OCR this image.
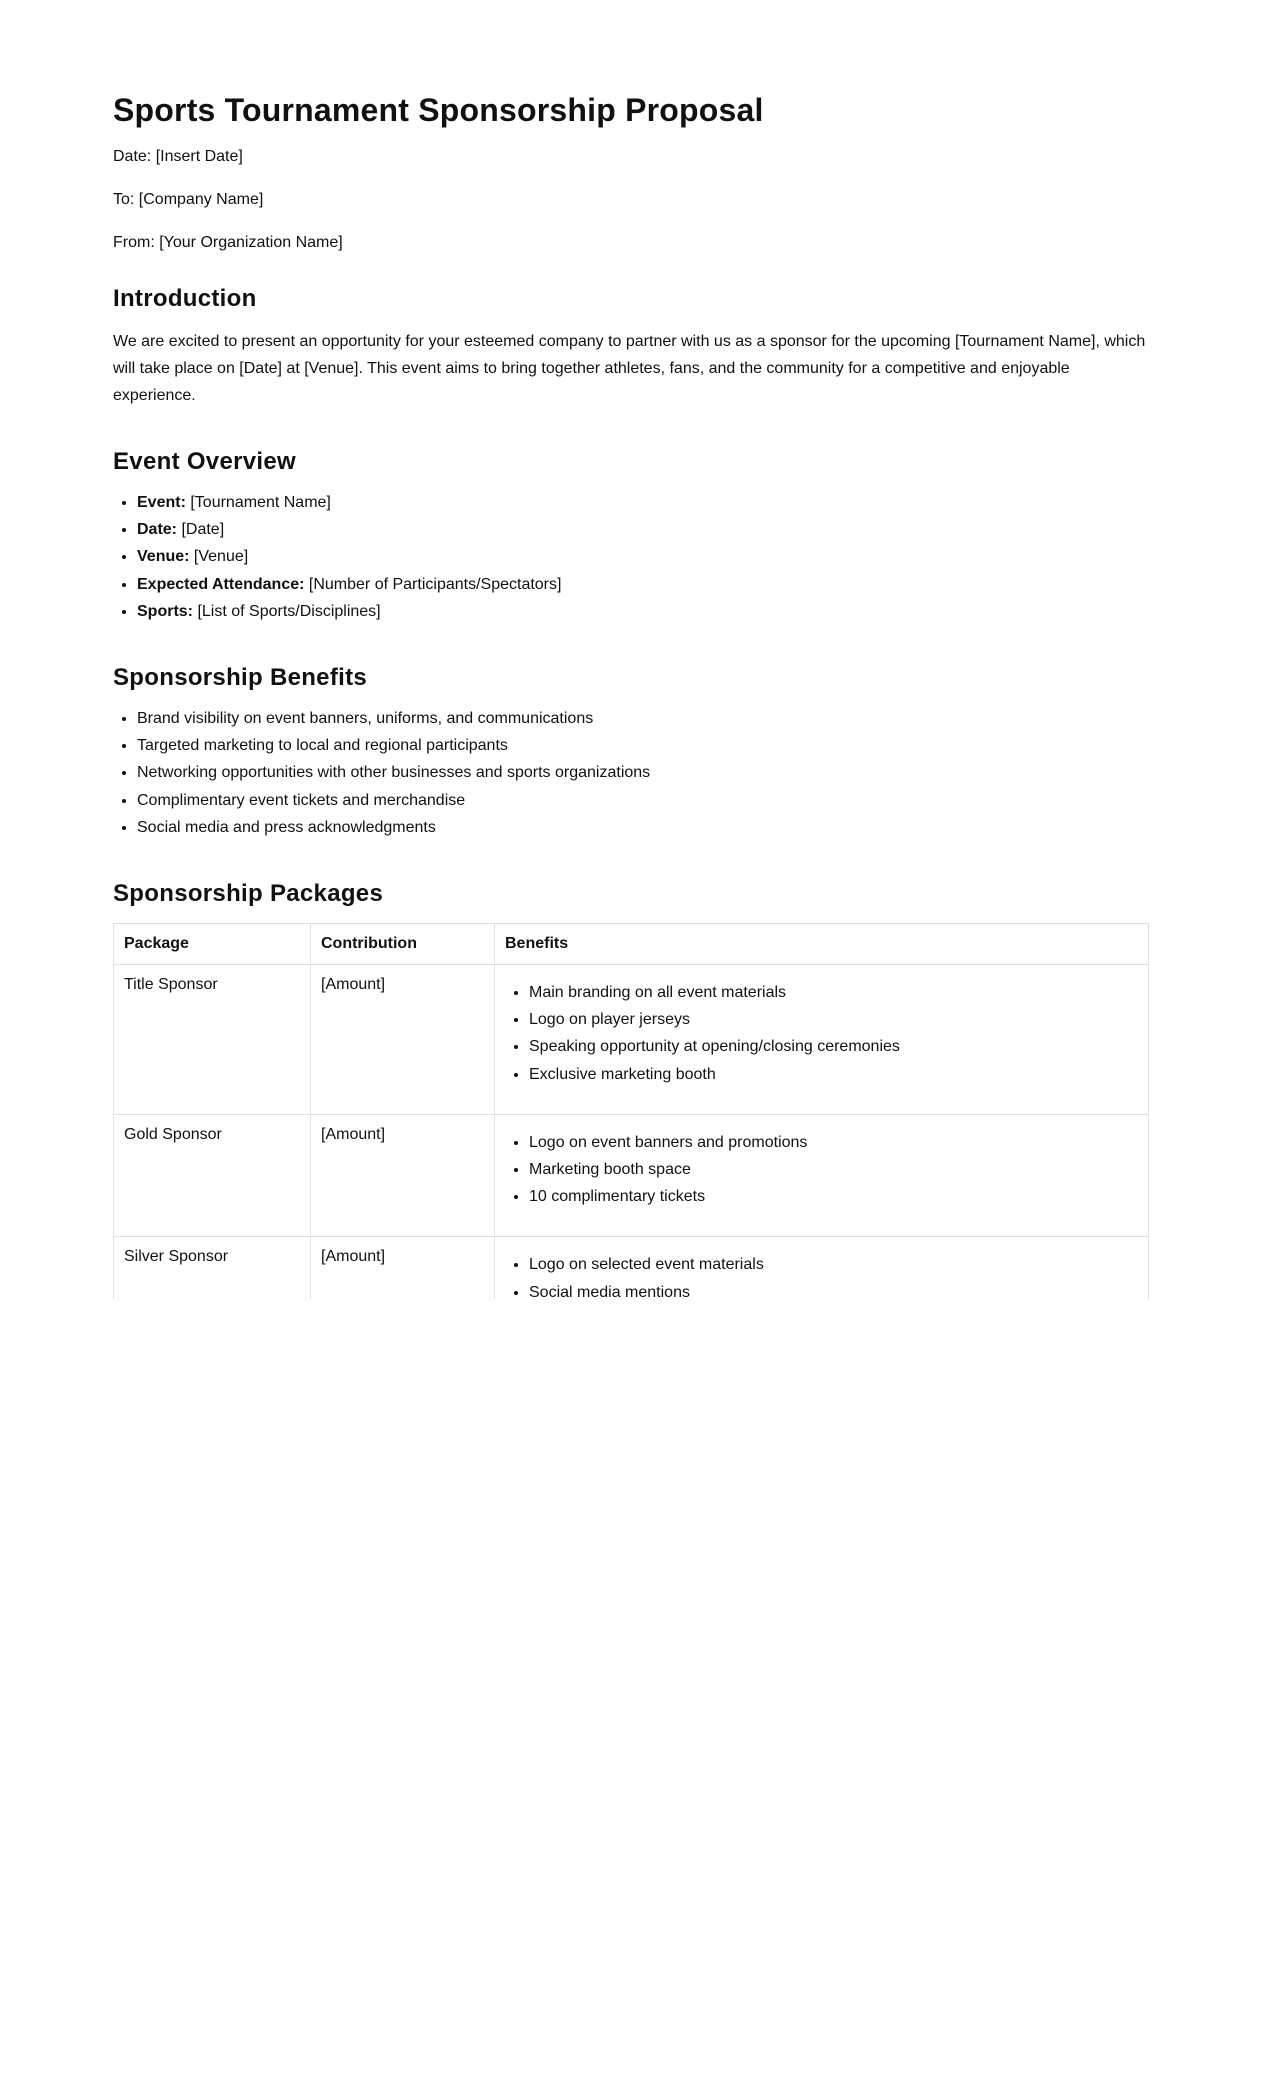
Sports Tournament Sponsorship Proposal

Date: [Insert Date]

To: [Company Name]

From: [Your Organization Name]

Introduction

We are excited to present an opportunity for your esteemed company to partner with us as a sponsor for the upcoming [Tournament Name], which will take place on [Date] at [Venue]. This event aims to bring together athletes, fans, and the community for a competitive and enjoyable experience.

Event Overview
• Event: [Tournament Name]
• Date: [Date]
• Venue: [Venue]
• Expected Attendance: [Number of Participants/Spectators]
• Sports: [List of Sports/Disciplines]
Sponsorship Benefits
• Brand visibility on event banners, uniforms, and communications
• Targeted marketing to local and regional participants
• Networking opportunities with other businesses and sports organizations
• Complimentary event tickets and merchandise
• Social media and press acknowledgments
Sponsorship Packages
Package	Contribution	Benefits
Title Sponsor	[Amount]	
•Main branding on all event materials
• Logo on player jerseys
• Speaking opportunity at opening/closing ceremonies
• Exclusive marketing booth

Gold Sponsor	[Amount]	
•Logo on event banners and promotions
• Marketing booth space
• 10 complimentary tickets

Silver Sponsor	[Amount]	
•Logo on selected event materials
• Social media mentions
